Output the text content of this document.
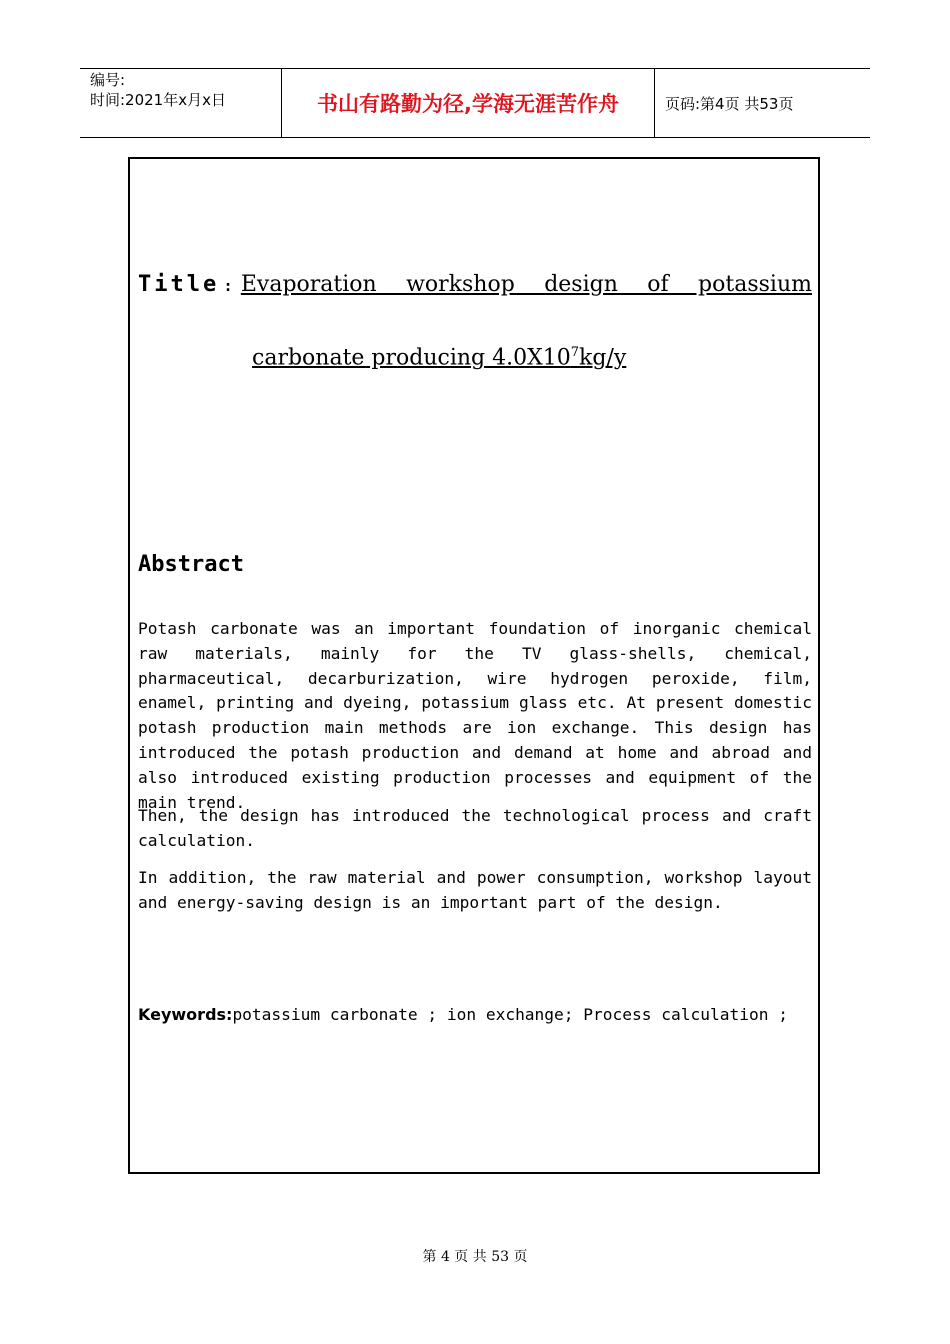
编号:
时间:2021年x月x日	书山有路勤为径,学海无涯苦作舟	页码:第4页 共53页
Title : Evaporation workshop design of potassium
carbonate producing $4.0X10^7kg/y$
Abstract
Potash carbonate was an important foundation of inorganic chemical raw materials, mainly for the TV glass-shells, chemical, pharmaceutical, decarburization, wire hydrogen peroxide, film, enamel, printing and dyeing, potassium glass etc. At present domestic potash production main methods are ion exchange. This design has introduced the potash production and demand at home and abroad and also introduced existing production processes and equipment of the main trend.
Then, the design has introduced the technological process and craft calculation.
In addition, the raw material and power consumption, workshop layout and energy-saving design is an important part of the design.
Keywords:potassium carbonate ; ion exchange; Process calculation ;
第 4 页 共 53 页
